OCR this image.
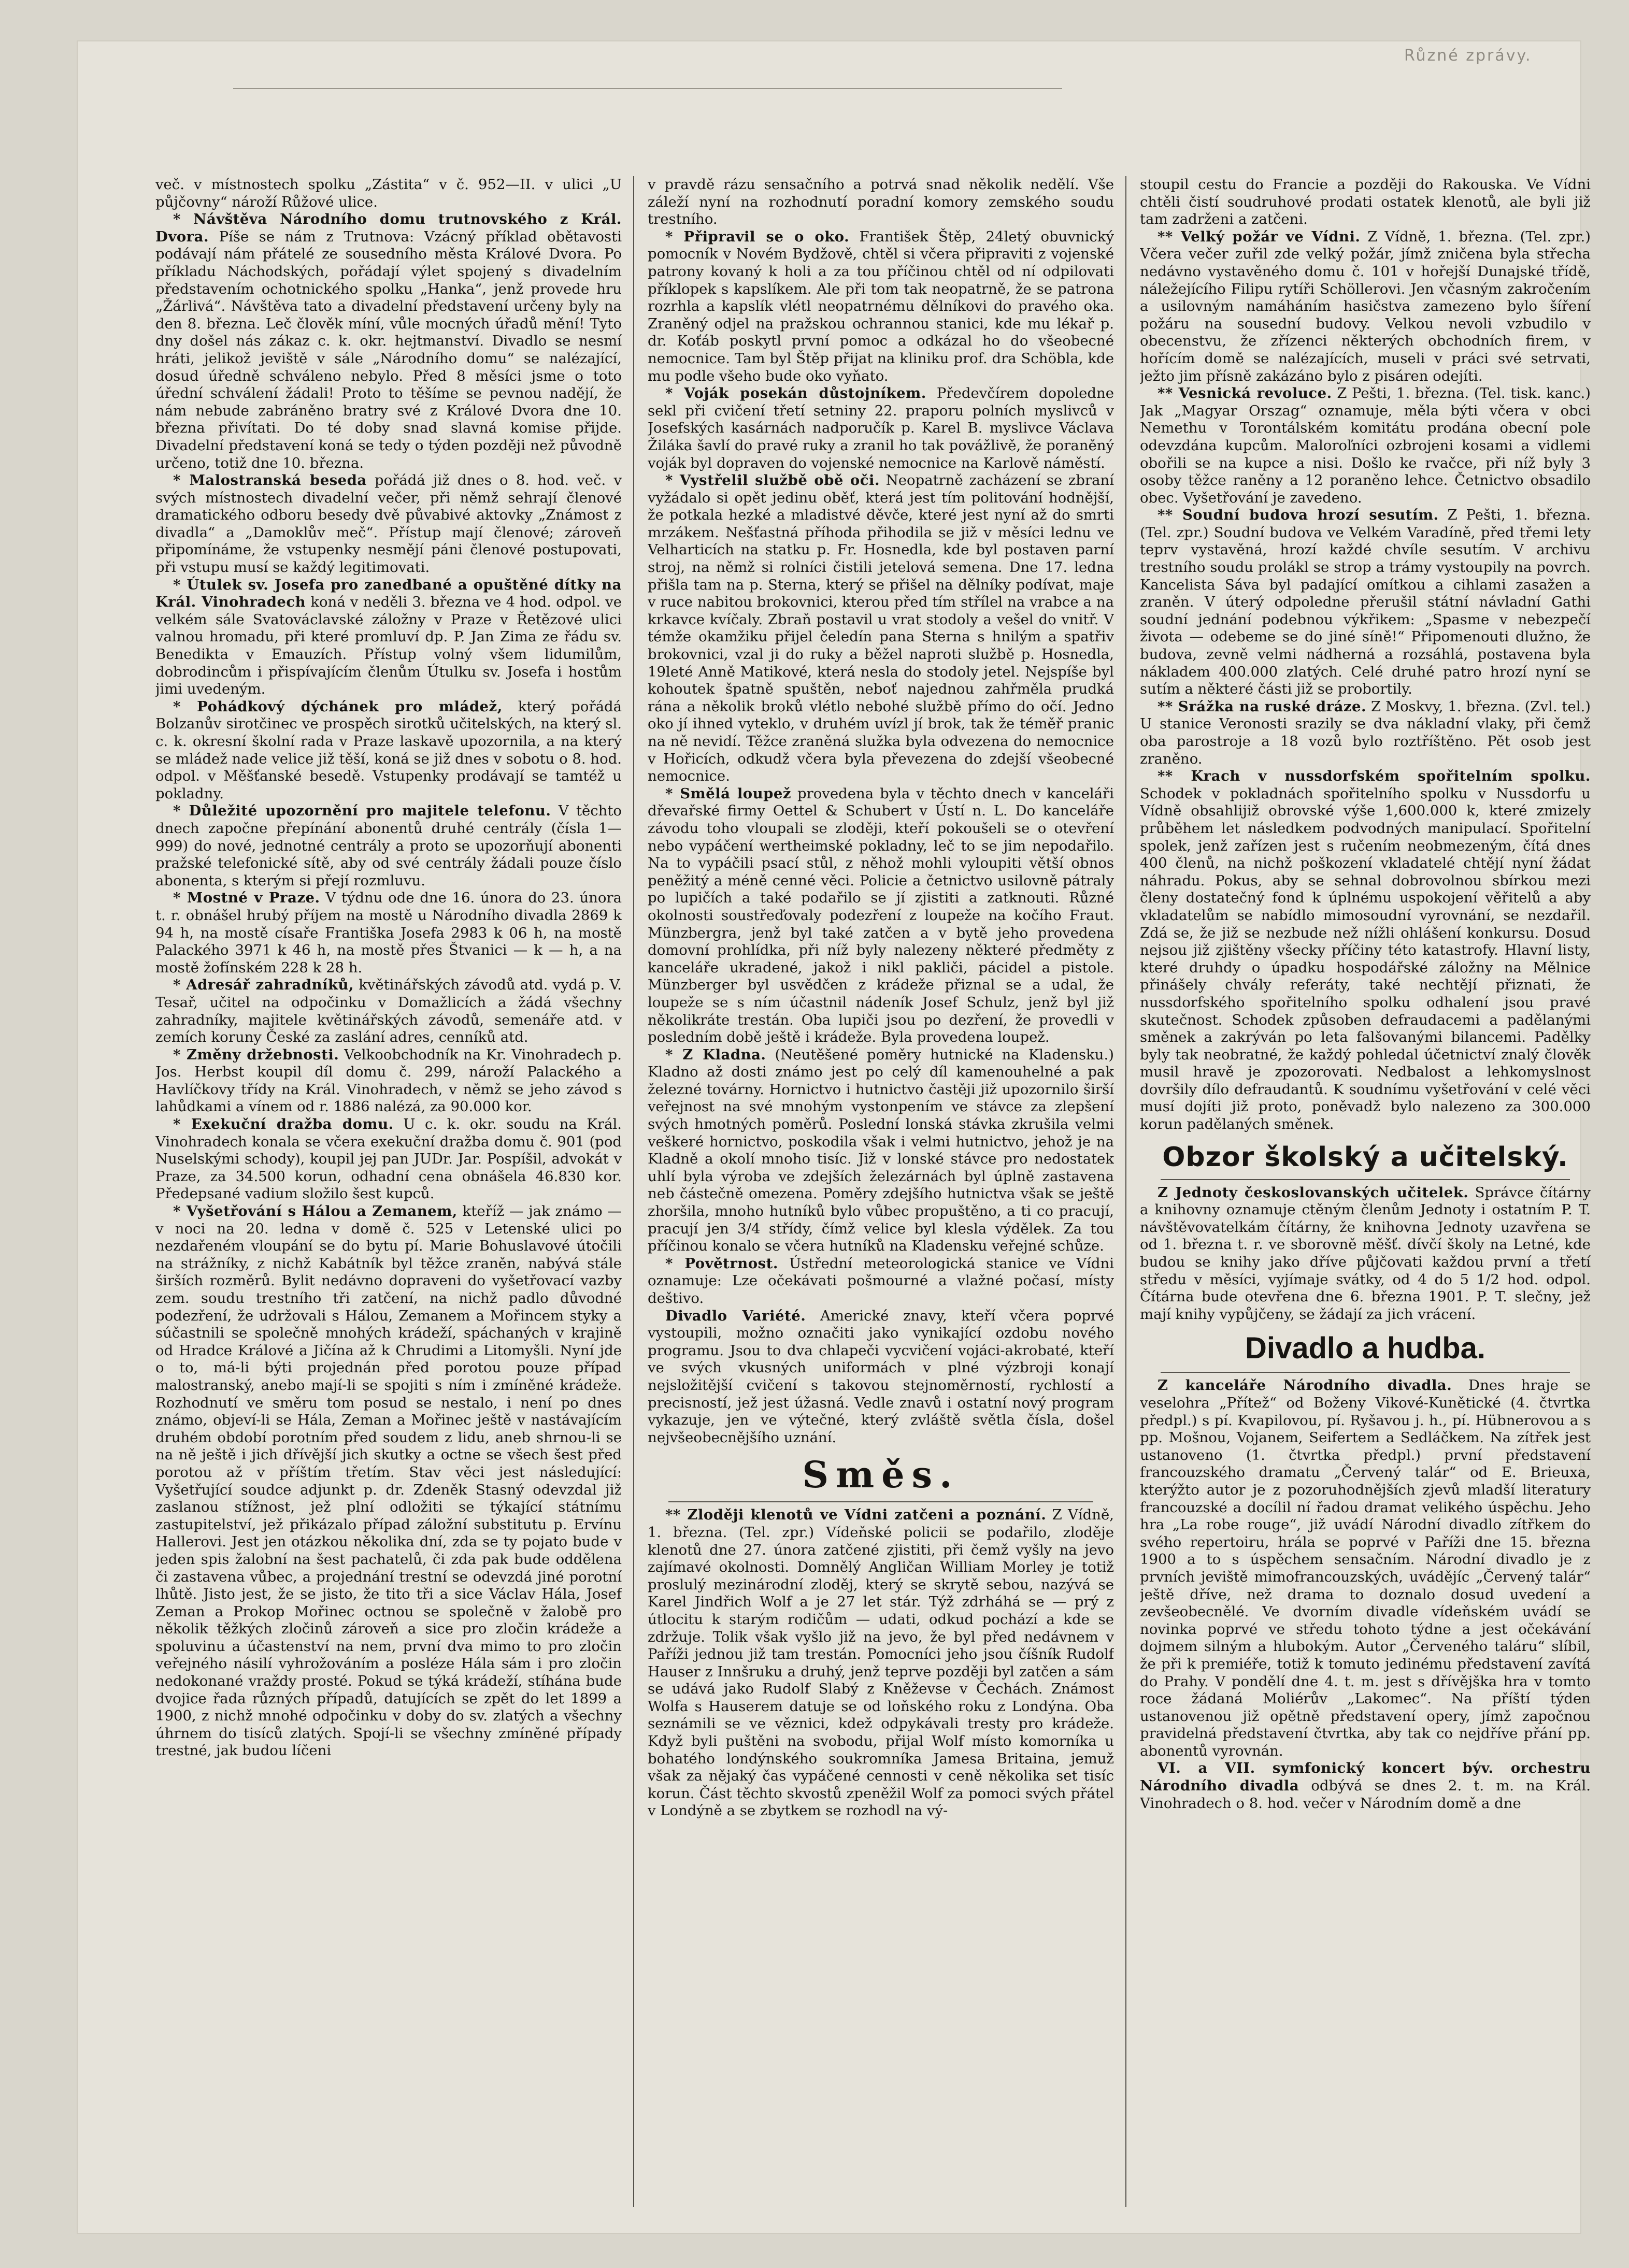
Různé zprávy.

več. v místnostech spolku „Zástita“ v č. 952—II. v ulici „U půjčovny“ nároží Růžové ulice.

* Návštěva Národního domu trutnovského z Král. Dvora. Píše se nám z Trutnova: Vzácný příklad obětavosti podávají nám přátelé ze sousedního města Králové Dvora. Po příkladu Náchodských, pořádají výlet spojený s divadelním představením ochotnického spolku „Hanka“, jenž provede hru „Žárlivá“. Návštěva tato a divadelní představení určeny byly na den 8. března. Leč člověk míní, vůle mocných úřadů mění! Tyto dny došel nás zákaz c. k. okr. hejtmanství. Divadlo se nesmí hráti, jelikož jeviště v sále „Národního domu“ se nalézající, dosud úředně schváleno nebylo. Před 8 měsíci jsme o toto úřední schválení žádali! Proto to těšíme se pevnou nadějí, že nám nebude zabráněno bratry své z Králové Dvora dne 10. března přivítati. Do té doby snad slavná komise přijde. Divadelní představení koná se tedy o týden později než původně určeno, totiž dne 10. března.

* Malostranská beseda pořádá již dnes o 8. hod. več. v svých místnostech divadelní večer, při němž sehrají členové dramatického odboru besedy dvě půvabivé aktovky „Známost z divadla“ a „Damoklův meč“. Přístup mají členové; zároveň připomínáme, že vstupenky nesmějí páni členové postupovati, při vstupu musí se každý legitimovati.

* Útulek sv. Josefa pro zanedbané a opuštěné dítky na Král. Vinohradech koná v neděli 3. března ve 4 hod. odpol. ve velkém sále Svatováclavské záložny v Praze v Řetězové ulici valnou hromadu, při které promluví dp. P. Jan Zima ze řádu sv. Benedikta v Emauzích. Přístup volný všem lidumilům, dobrodincům i přispívajícím členům Útulku sv. Josefa i hostům jimi uvedeným.

* Pohádkový dýchánek pro mládež, který pořádá Bolzanův sirotčinec ve prospěch sirotků učitelských, na který sl. c. k. okresní školní rada v Praze laskavě upozornila, a na který se mládež nade velice již těší, koná se již dnes v sobotu o 8. hod. odpol. v Měšťanské besedě. Vstupenky prodávají se tamtéž u pokladny.

* Důležité upozornění pro majitele telefonu. V těchto dnech započne přepínání abonentů druhé centrály (čísla 1—999) do nové, jednotné centrály a proto se upozorňují abonenti pražské telefonické sítě, aby od své centrály žádali pouze číslo abonenta, s kterým si přejí rozmluvu.

* Mostné v Praze. V týdnu ode dne 16. února do 23. února t. r. obnášel hrubý příjem na mostě u Národního divadla 2869 k 94 h, na mostě císaře Františka Josefa 2983 k 06 h, na mostě Palackého 3971 k 46 h, na mostě přes Štvanici — k — h, a na mostě žofínském 228 k 28 h.

* Adresář zahradníků, květinářských závodů atd. vydá p. V. Tesař, učitel na odpočinku v Domažlicích a žádá všechny zahradníky, majitele květinářských závodů, semenáře atd. v zemích koruny České za zaslání adres, cenníků atd.

* Změny držebnosti. Velkoobchodník na Kr. Vinohradech p. Jos. Herbst koupil díl domu č. 299, nároží Palackého a Havlíčkovy třídy na Král. Vinohradech, v němž se jeho závod s lahůdkami a vínem od r. 1886 nalézá, za 90.000 kor.

* Exekuční dražba domu. U c. k. okr. soudu na Král. Vinohradech konala se včera exekuční dražba domu č. 901 (pod Nuselskými schody), koupil jej pan JUDr. Jar. Pospíšil, advokát v Praze, za 34.500 korun, odhadní cena obnášela 46.830 kor. Předepsané vadium složilo šest kupců.

* Vyšetřování s Hálou a Zemanem, kteříž — jak známo — v noci na 20. ledna v domě č. 525 v Letenské ulici po nezdařeném vloupání se do bytu pí. Marie Bohuslavové útočili na strážníky, z nichž Kabátník byl těžce zraněn, nabývá stále širších rozměrů. Bylit nedávno dopraveni do vyšetřovací vazby zem. soudu trestního tři zatčení, na nichž padlo důvodné podezření, že udržovali s Hálou, Zemanem a Mořincem styky a súčastnili se společně mnohých krádeží, spáchaných v krajině od Hradce Králové a Jičína až k Chrudimi a Litomyšli. Nyní jde o to, má-li býti projednán před porotou pouze případ malostranský, anebo mají-li se spojiti s ním i zmíněné krádeže. Rozhodnutí ve směru tom posud se nestalo, i není po dnes známo, objeví-li se Hála, Zeman a Mořinec ještě v nastávajícím druhém období porotním před soudem z lidu, aneb shrnou-li se na ně ještě i jich dřívější jich skutky a octne se všech šest před porotou až v příštím třetím. Stav věci jest následující: Vyšetřující soudce adjunkt p. dr. Zdeněk Stasný odevzdal již zaslanou stížnost, jež plní odložiti se týkající státnímu zastupitelství, jež přikázalo případ záložní substitutu p. Ervínu Hallerovi. Jest jen otázkou několika dní, zda se ty pojato bude v jeden spis žalobní na šest pachatelů, či zda pak bude oddělena či zastavena vůbec, a projednání trestní se odevzdá jiné porotní lhůtě. Jisto jest, že se jisto, že tito tři a sice Václav Hála, Josef Zeman a Prokop Mořinec octnou se společně v žalobě pro několik těžkých zločinů zároveň a sice pro zločin krádeže a spoluvinu a účastenství na nem, první dva mimo to pro zločin veřejného násilí vyhrožováním a posléze Hála sám i pro zločin nedokonané vraždy prosté. Pokud se týká krádeží, stíhána bude dvojice řada různých případů, datujících se zpět do let 1899 a 1900, z nichž mnohé odpočinku v doby do sv. zlatých a všechny úhrnem do tisíců zlatých. Spojí-li se všechny zmíněné případy trestné, jak budou líčeni

v pravdě rázu sensačního a potrvá snad několik nedělí. Vše záleží nyní na rozhodnutí poradní komory zemského soudu trestního.

* Připravil se o oko. František Štěp, 24letý obuvnický pomocník v Novém Bydžově, chtěl si včera připraviti z vojenské patrony kovaný k holi a za tou příčinou chtěl od ní odpilovati příklopek s kapslíkem. Ale při tom tak neopatrně, že se patrona rozrhla a kapslík vlétl neopatrnému dělníkovi do pravého oka. Zraněný odjel na pražskou ochrannou stanici, kde mu lékař p. dr. Koťáb poskytl první pomoc a odkázal ho do všeobecné nemocnice. Tam byl Štěp přijat na kliniku prof. dra Schöbla, kde mu podle všeho bude oko vyňato.

* Voják posekán důstojníkem. Předevčírem dopoledne sekl při cvičení třetí setniny 22. praporu polních myslivců v Josefských kasárnách nadporučík p. Karel B. myslivce Václava Žiláka šavlí do pravé ruky a zranil ho tak povážlivě, že poraněný voják byl dopraven do vojenské nemocnice na Karlově náměstí.

* Vystřelil službě obě oči. Neopatrně zacházení se zbraní vyžádalo si opět jedinu oběť, která jest tím politování hodnější, že potkala hezké a mladistvé děvče, které jest nyní až do smrti mrzákem. Nešťastná příhoda přihodila se již v měsíci lednu ve Velharticích na statku p. Fr. Hosnedla, kde byl postaven parní stroj, na němž si rolníci čistili jetelová semena. Dne 17. ledna přišla tam na p. Sterna, který se přišel na dělníky podívat, maje v ruce nabitou brokovnici, kterou před tím střílel na vrabce a na krkavce kvíčaly. Zbraň postavil u vrat stodoly a vešel do vnitř. V témže okamžiku přijel čeledín pana Sterna s hnilým a spatřiv brokovnici, vzal ji do ruky a běžel naproti službě p. Hosnedla, 19leté Anně Matikové, která nesla do stodoly jetel. Nejspíše byl kohoutek špatně spuštěn, neboť najednou zahřměla prudká rána a několik broků vlétlo nebohé službě přímo do očí. Jedno oko jí ihned vyteklo, v druhém uvízl jí brok, tak že téměř pranic na ně nevidí. Těžce zraněná služka byla odvezena do nemocnice v Hořicích, odkudž včera byla převezena do zdejší všeobecné nemocnice.

* Smělá loupež provedena byla v těchto dnech v kanceláři dřevařské firmy Oettel & Schubert v Ústí n. L. Do kanceláře závodu toho vloupali se zloději, kteří pokoušeli se o otevření nebo vypáčení wertheimské pokladny, leč to se jim nepodařilo. Na to vypáčili psací stůl, z něhož mohli vyloupiti větší obnos peněžitý a méně cenné věci. Policie a četnictvo usilovně pátraly po lupičích a také podařilo se jí zjistiti a zatknouti. Různé okolnosti soustřeďovaly podezření z loupeže na kočího Fraut. Münzbergra, jenž byl také zatčen a v bytě jeho provedena domovní prohlídka, při níž byly nalezeny některé předměty z kanceláře ukradené, jakož i nikl pakliči, pácidel a pistole. Münzberger byl usvědčen z krádeže přiznal se a udal, že loupeže se s ním účastnil nádeník Josef Schulz, jenž byl již několikráte trestán. Oba lupiči jsou po dezření, že provedli v posledním době ještě i krádeže. Byla provedena loupež.

* Z Kladna. (Neutěšené poměry hutnické na Kladensku.) Kladno až dosti známo jest po celý díl kamenouhelné a pak železné továrny. Hornictvo i hutnictvo častěji již upozornilo širší veřejnost na své mnohým vystonpením ve stávce za zlepšení svých hmotných poměrů. Poslední lonská stávka zkrušila velmi veškeré hornictvo, poskodila však i velmi hutnictvo, jehož je na Kladně a okolí mnoho tisíc. Již v lonské stávce pro nedostatek uhlí byla výroba ve zdejších železárnách byl úplně zastavena neb částečně omezena. Poměry zdejšího hutnictva však se ještě zhoršila, mnoho hutníků bylo vůbec propuštěno, a ti co pracují, pracují jen 3/4 střídy, čímž velice byl klesla výdělek. Za tou příčinou konalo se včera hutníků na Kladensku veřejné schůze.

* Povětrnost. Ústřední meteorologická stanice ve Vídni oznamuje: Lze očekávati pošmourné a vlažné počasí, místy deštivo.

Divadlo Variété. Americké znavy, kteří včera poprvé vystoupili, možno označiti jako vynikající ozdobu nového programu. Jsou to dva chlapeči vycvičení vojáci-akrobaté, kteří ve svých vkusných uniformách v plné výzbroji konají nejsložitější cvičení s takovou stejnoměrností, rychlostí a precisností, jež jest úžasná. Vedle znavů i ostatní nový program vykazuje, jen ve výtečné, který zvláště světla čísla, došel nejvšeobecnějšího uznání.

Směs.

** Zloději klenotů ve Vídni zatčeni a poznání. Z Vídně, 1. března. (Tel. zpr.) Vídeňské policii se podařilo, zloděje klenotů dne 27. února zatčené zjistiti, při čemž vyšly na jevo zajímavé okolnosti. Domnělý Angličan William Morley je totiž proslulý mezinárodní zloděj, který se skrytě sebou, nazývá se Karel Jindřich Wolf a je 27 let stár. Týž zdrháhá se — prý z útlocitu k starým rodičům — udati, odkud pochází a kde se zdržuje. Tolik však vyšlo již na jevo, že byl před nedávnem v Paříži jednou již tam trestán. Pomocníci jeho jsou číšník Rudolf Hauser z Innšruku a druhý, jenž teprve později byl zatčen a sám se udává jako Rudolf Slabý z Kněževse v Čechách. Známost Wolfa s Hauserem datuje se od loňského roku z Londýna. Oba seznámili se ve věznici, kdež odpykávali tresty pro krádeže. Když byli puštěni na svobodu, přijal Wolf místo komorníka u bohatého londýnského soukromníka Jamesa Britaina, jemuž však za nějaký čas vypáčené cennosti v ceně několika set tisíc korun. Část těchto skvostů zpeněžil Wolf za pomoci svých přátel v Londýně a se zbytkem se rozhodl na vý-

stoupil cestu do Francie a později do Rakouska. Ve Vídni chtěli čistí soudruhové prodati ostatek klenotů, ale byli již tam zadrženi a zatčeni.

** Velký požár ve Vídni. Z Vídně, 1. března. (Tel. zpr.) Včera večer zuřil zde velký požár, jímž zničena byla střecha nedávno vystavěného domu č. 101 v hořejší Dunajské třídě, náležejícího Filipu rytíři Schöllerovi. Jen včasným zakročením a usilovným namáháním hasičstva zamezeno bylo šíření požáru na sousední budovy. Velkou nevoli vzbudilo v obecenstvu, že zřízenci některých obchodních firem, v hořícím domě se nalézajících, museli v práci své setrvati, ježto jim přísně zakázáno bylo z pisáren odejíti.

** Vesnická revoluce. Z Pešti, 1. března. (Tel. tisk. kanc.) Jak „Magyar Orszag“ oznamuje, měla býti včera v obci Nemethu v Torontálském komitátu prodána obecní pole odevzdána kupcům. Maloroľníci ozbrojeni kosami a vidlemi obořili se na kupce a nisi. Došlo ke rvačce, při níž byly 3 osoby těžce raněny a 12 poraněno lehce. Četnictvo obsadilo obec. Vyšetřování je zavedeno.

** Soudní budova hrozí sesutím. Z Pešti, 1. března. (Tel. zpr.) Soudní budova ve Velkém Varadíně, před třemi lety teprv vystavěná, hrozí každé chvíle sesutím. V archivu trestního soudu prolákl se strop a trámy vystoupily na povrch. Kancelista Sáva byl padající omítkou a cihlami zasažen a zraněn. V úterý odpoledne přerušil státní návladní Gathi soudní jednání podebnou výkřikem: „Spasme v nebezpečí života — odebeme se do jiné síně!“ Připomenouti dlužno, že budova, zevně velmi nádherná a rozsáhlá, postavena byla nákladem 400.000 zlatých. Celé druhé patro hrozí nyní se sutím a některé části již se probortily.

** Srážka na ruské dráze. Z Moskvy, 1. března. (Zvl. tel.) U stanice Veronosti srazily se dva nákladní vlaky, při čemž oba parostroje a 18 vozů bylo roztříštěno. Pět osob jest zraněno.

** Krach v nussdorfském spořitelním spolku. Schodek v pokladnách spořitelního spolku v Nussdorfu u Vídně obsahlijiž obrovské výše 1,600.000 k, které zmizely průběhem let následkem podvodných manipulací. Spořitelní spolek, jenž zařízen jest s ručením neobmezeným, čítá dnes 400 členů, na nichž poškození vkladatelé chtějí nyní žádat náhradu. Pokus, aby se sehnal dobrovolnou sbírkou mezi členy dostatečný fond k úplnému uspokojení věřitelů a aby vkladatelům se nabídlo mimosoudní vyrovnání, se nezdařil. Zdá se, že již se nezbude než nížli ohlášení konkursu. Dosud nejsou již zjištěny všecky příčiny této katastrofy. Hlavní listy, které druhdy o úpadku hospodářské záložny na Mělnice přinášely chvály referáty, také nechtějí přiznati, že nussdorfského spořitelního spolku odhalení jsou pravé skutečnost. Schodek způsoben defraudacemi a padělanými směnek a zakrýván po leta falšovanými bilancemi. Padělky byly tak neobratné, že každý pohledal účetnictví znalý člověk musil hravě je zpozorovati. Nedbalost a lehkomyslnost dovršily dílo defraudantů. K soudnímu vyšetřování v celé věci musí dojíti již proto, poněvadž bylo nalezeno za 300.000 korun padělaných směnek.

Obzor školský a učitelský.

Z Jednoty českoslovanských učitelek. Správce čítárny a knihovny oznamuje ctěným členům Jednoty i ostatním P. T. návštěvovatelkám čítárny, že knihovna Jednoty uzavřena se od 1. března t. r. ve sborovně měšť. dívčí školy na Letné, kde budou se knihy jako dříve půjčovati každou první a třetí středu v měsíci, vyjímaje svátky, od 4 do 5 1/2 hod. odpol. Čítárna bude otevřena dne 6. března 1901. P. T. slečny, jež mají knihy vypůjčeny, se žádají za jich vrácení.

Divadlo a hudba.

Z kanceláře Národního divadla. Dnes hraje se veselohra „Přítež“ od Boženy Vikové-Kunětické (4. čtvrtka předpl.) s pí. Kvapilovou, pí. Ryšavou j. h., pí. Hübnerovou a s pp. Mošnou, Vojanem, Seifertem a Sedláčkem. Na zítřek jest ustanoveno (1. čtvrtka předpl.) první představení francouzského dramatu „Červený talár“ od E. Brieuxa, kterýžto autor je z pozoruhodnějších zjevů mladší literatury francouzské a docílil ní řadou dramat velikého úspěchu. Jeho hra „La robe rouge“, již uvádí Národní divadlo zítřkem do svého repertoiru, hrála se poprvé v Paříži dne 15. března 1900 a to s úspěchem sensačním. Národní divadlo je z prvních jeviště mimofrancouzských, uvádějíc „Červený talár“ ještě dříve, než drama to doznalo dosud uvedení a zevšeobecnělé. Ve dvorním divadle vídeňském uvádí se novinka poprvé ve středu tohoto týdne a jest očekávání dojmem silným a hlubokým. Autor „Červeného taláru“ slíbil, že při k premiéře, totiž k tomuto jedinému představení zavítá do Prahy. V pondělí dne 4. t. m. jest s dřívějška hra v tomto roce žádaná Moliérův „Lakomec“. Na příští týden ustanovenou již opětně představení opery, jímž započnou pravidelná představení čtvrtka, aby tak co nejdříve přání pp. abonentů vyrovnán.

VI. a VII. symfonický koncert býv. orchestru Národního divadla odbývá se dnes 2. t. m. na Král. Vinohradech o 8. hod. večer v Národním domě a dne
